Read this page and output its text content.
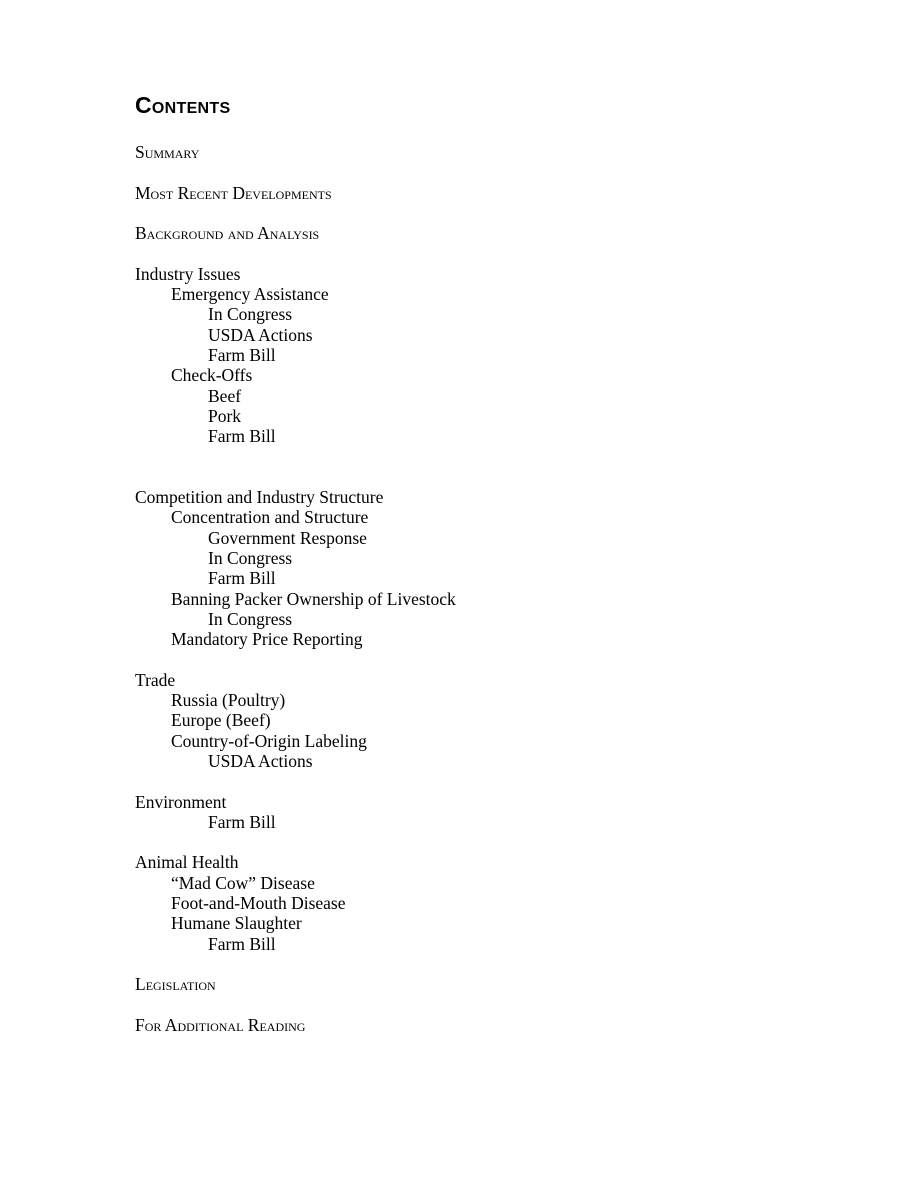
Contents
Summary
Most Recent Developments
Background and Analysis
Industry Issues
Emergency Assistance
In Congress
USDA Actions
Farm Bill
Check-Offs
Beef
Pork
Farm Bill
Competition and Industry Structure
Concentration and Structure
Government Response
In Congress
Farm Bill
Banning Packer Ownership of Livestock
In Congress
Mandatory Price Reporting
Trade
Russia (Poultry)
Europe (Beef)
Country-of-Origin Labeling
USDA Actions
Environment
Farm Bill
Animal Health
“Mad Cow” Disease
Foot-and-Mouth Disease
Humane Slaughter
Farm Bill
Legislation
For Additional Reading
